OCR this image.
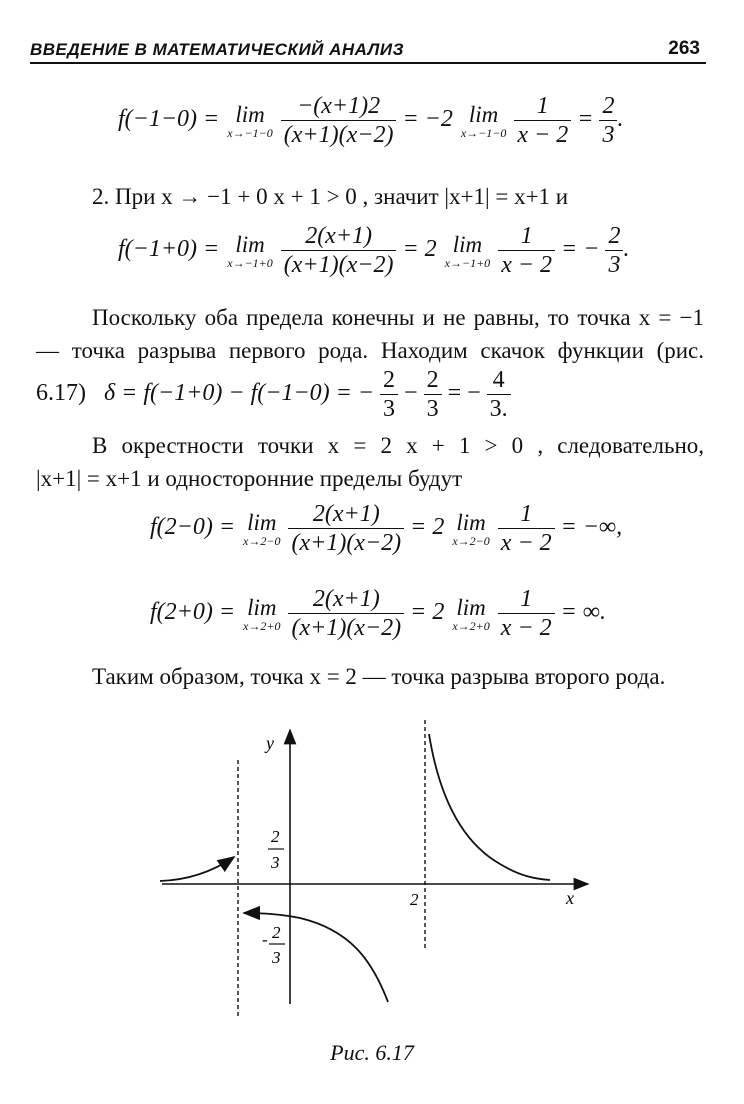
ВВЕДЕНИЕ В МАТЕМАТИЧЕСКИЙ АНАЛИЗ	263
f(−1−0) = lim
x→−1−0
$\frac{-(x+1)2}{(x+1)(x-2)} = -2$ lim
x→−1−0
$\frac{1}{x - 2} = \frac{2}{3}$ .
2. При x → −1 + 0 x + 1 > 0 , значит |x+1| = x+1 и
f(−1+0) = lim
x→−1+0
$\frac{2(x+1)}{(x+1)(x-2)} = 2$ lim
x→−1+0
$\frac{1}{x - 2}$ = − $\frac{2}{3}$ .
Поскольку оба предела конечны и не равны, то точка x = −1
— точка разрыва первого рода. Находим скачок функции (рис.
6.17) δ = f(−1+0) − f(−1−0) = − $\frac{2}{3} - \frac{2}{3}$ = − $\frac{4}{3.}$
В окрестности точки x = 2 x + 1 > 0 , следовательно,
|x+1| = x+1 и односторонние пределы будут
f(2−0) = lim
x→2−0
$\frac{2(x+1)}{(x+1)(x-2)} = 2$ lim
x→2−0
$\frac{1}{x - 2}$ = −∞,
f(2+0) = lim
x→2+0
$\frac{2(x+1)}{(x+1)(x-2)} = 2$ lim
x→2+0
$\frac{1}{x - 2}$ = ∞.
Таким образом, точка x = 2 — точка разрыва второго рода.
y
x
2
2
3
- 2
3
Рис. 6.17
